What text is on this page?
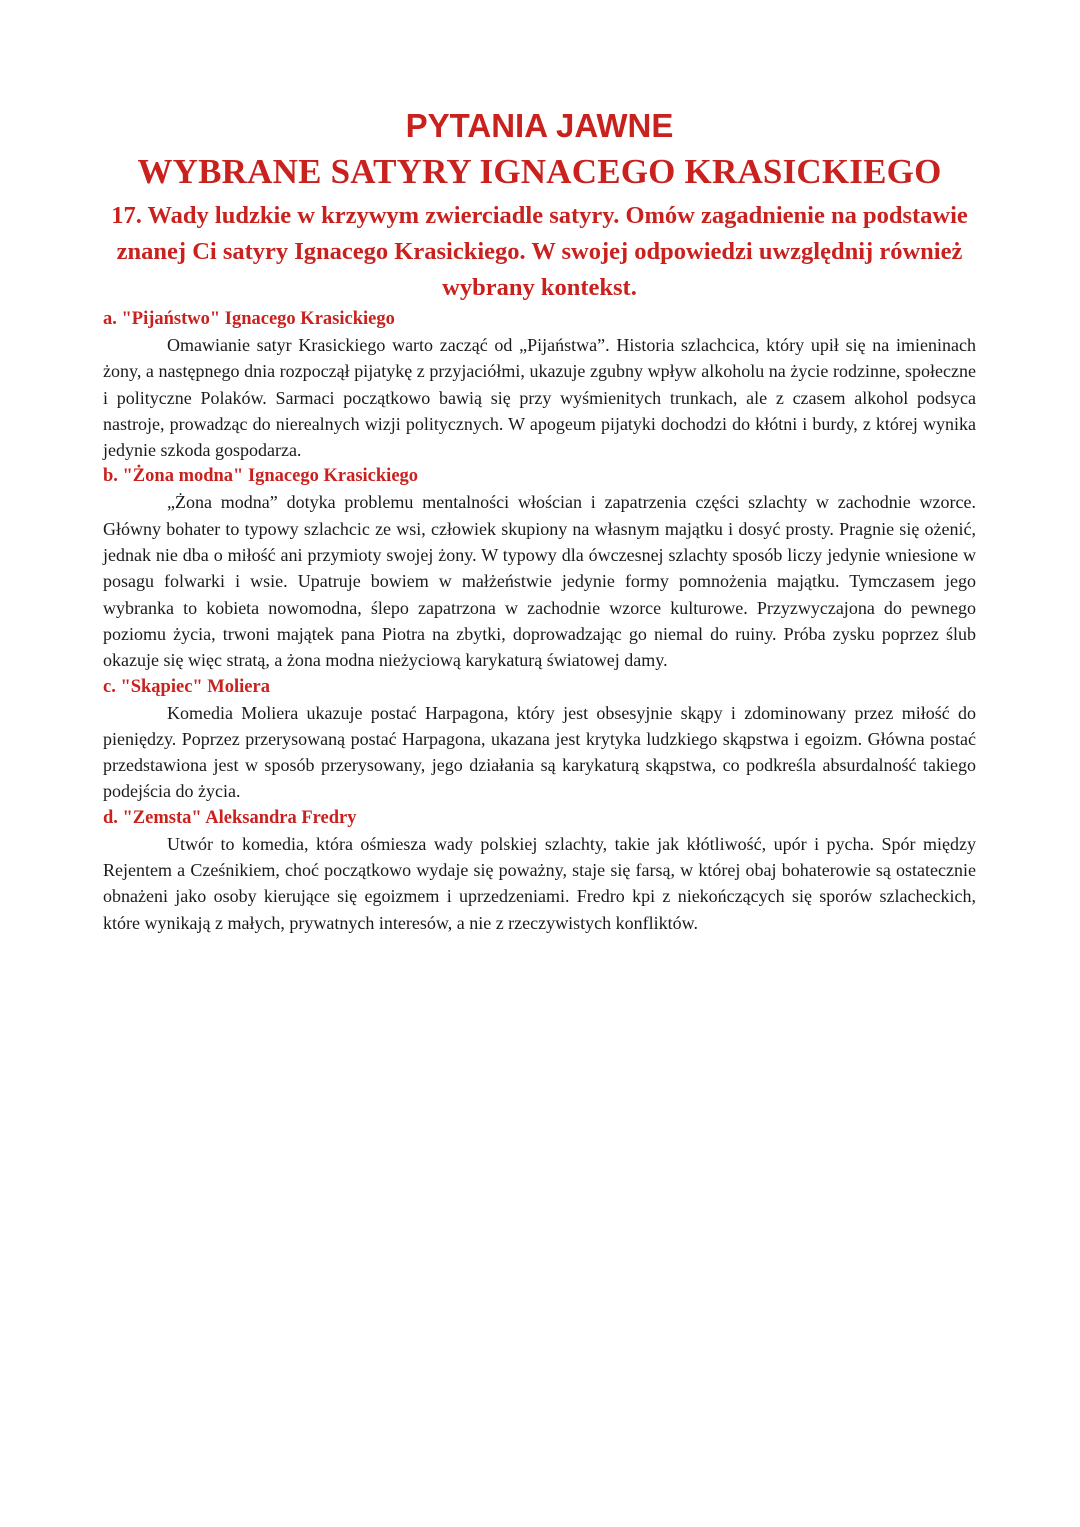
PYTANIA JAWNE
WYBRANE SATYRY IGNACEGO KRASICKIEGO

17. Wady ludzkie w krzywym zwierciadle satyry. Omów zagadnienie na podstawie znanej Ci satyry Ignacego Krasickiego. W swojej odpowiedzi uwzględnij również wybrany kontekst.

a. "Pijaństwo" Ignacego Krasickiego

Omawianie satyr Krasickiego warto zacząć od „Pijaństwa”. Historia szlachcica, który upił się na imieninach żony, a następnego dnia rozpoczął pijatykę z przyjaciółmi, ukazuje zgubny wpływ alkoholu na życie rodzinne, społeczne i polityczne Polaków. Sarmaci początkowo bawią się przy wyśmienitych trunkach, ale z czasem alkohol podsyca nastroje, prowadząc do nierealnych wizji politycznych. W apogeum pijatyki dochodzi do kłótni i burdy, z której wynika jedynie szkoda gospodarza.

b. "Żona modna" Ignacego Krasickiego

„Żona modna” dotyka problemu mentalności włościan i zapatrzenia części szlachty w zachodnie wzorce. Główny bohater to typowy szlachcic ze wsi, człowiek skupiony na własnym majątku i dosyć prosty. Pragnie się ożenić, jednak nie dba o miłość ani przymioty swojej żony. W typowy dla ówczesnej szlachty sposób liczy jedynie wniesione w posagu folwarki i wsie. Upatruje bowiem w małżeństwie jedynie formy pomnożenia majątku. Tymczasem jego wybranka to kobieta nowomodna, ślepo zapatrzona w zachodnie wzorce kulturowe. Przyzwyczajona do pewnego poziomu życia, trwoni majątek pana Piotra na zbytki, doprowadzając go niemal do ruiny. Próba zysku poprzez ślub okazuje się więc stratą, a żona modna nieżyciową karykaturą światowej damy.

c. "Skąpiec" Moliera

Komedia Moliera ukazuje postać Harpagona, który jest obsesyjnie skąpy i zdominowany przez miłość do pieniędzy. Poprzez przerysowaną postać Harpagona, ukazana jest krytyka ludzkiego skąpstwa i egoizm. Główna postać przedstawiona jest w sposób przerysowany, jego działania są karykaturą skąpstwa, co podkreśla absurdalność takiego podejścia do życia.

d. "Zemsta" Aleksandra Fredry

Utwór to komedia, która ośmiesza wady polskiej szlachty, takie jak kłótliwość, upór i pycha. Spór między Rejentem a Cześnikiem, choć początkowo wydaje się poważny, staje się farsą, w której obaj bohaterowie są ostatecznie obnażeni jako osoby kierujące się egoizmem i uprzedzeniami. Fredro kpi z niekończących się sporów szlacheckich, które wynikają z małych, prywatnych interesów, a nie z rzeczywistych konfliktów.
